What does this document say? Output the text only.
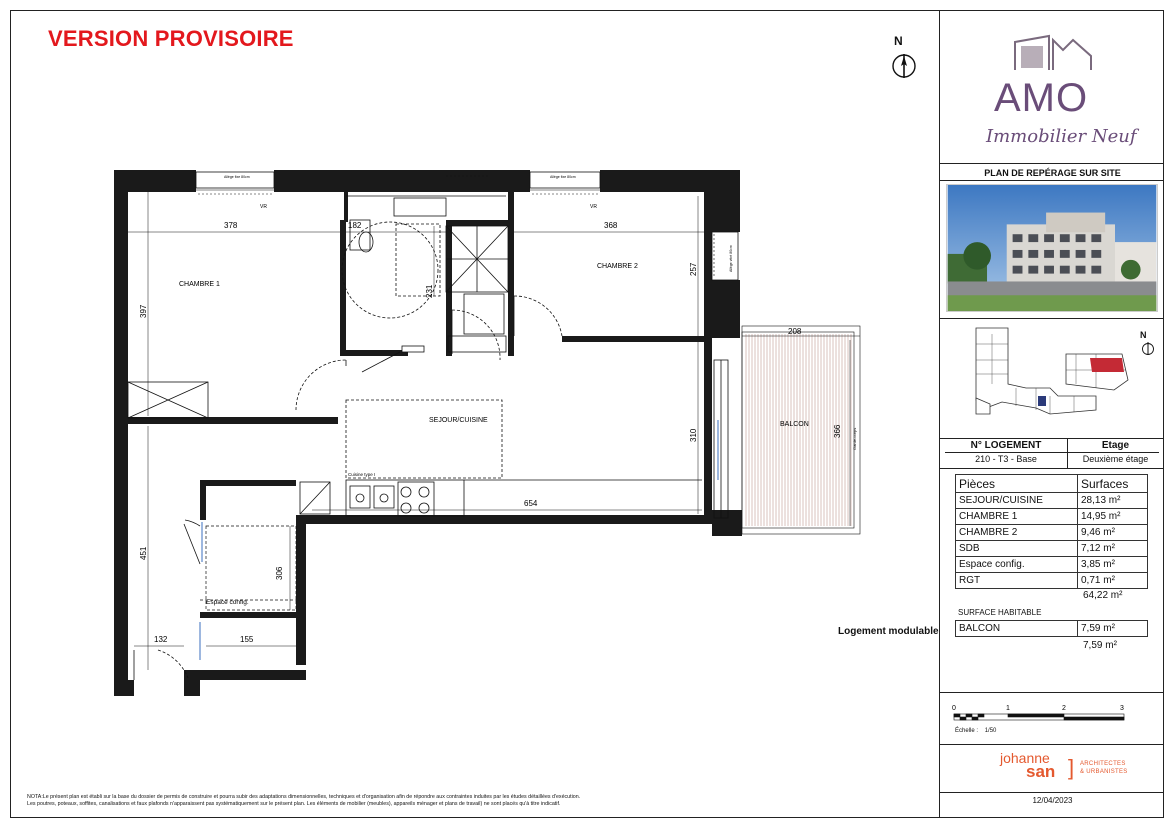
VERSION PROVISOIRE	N
Allège fixe 80cm	Allège fixe 80cm
Allège vitré 80cm
VR	VR
Cuisine type I
CHAMBRE 1
CHAMBRE 2
SEJOUR/CUISINE
BALCON
Espace config.
378	182	368
257
397
231
208
366	Garde-corps
310
654
451
306
132	155
Logement modulable
AMO
Immobilier Neuf
PLAN DE REPÉRAGE SUR SITE
N
N° LOGEMENT	Etage
210 - T3 - Base	Deuxième étage
Pièces	Surfaces
SEJOUR/CUISINE	28,13 m²
CHAMBRE 1	14,95 m²
CHAMBRE 2	9,46 m²
SDB	7,12 m²
Espace config.	3,85 m²
RGT	0,71 m²
64,22 m²
SURFACE HABITABLE
BALCON	7,59 m²
7,59 m²
0	1	2	3
Échelle : 1/50
johanne
san ] ARCHITECTES
& URBANISTES
12/04/2023
NOTA:Le présent plan est établi sur la base du dossier de permis de construire et pourra subir des adaptations dimensionnelles, techniques et d'organisation afin de répondre aux contraintes induites par les études détaillées d'exécution.
Les poutres, poteaux, soffites, canalisations et faux plafonds n'apparaissent pas systématiquement sur le présent plan. Les éléments de mobilier (meubles), appareils ménager et plans de travail) ne sont placés qu'à titre indicatif.
